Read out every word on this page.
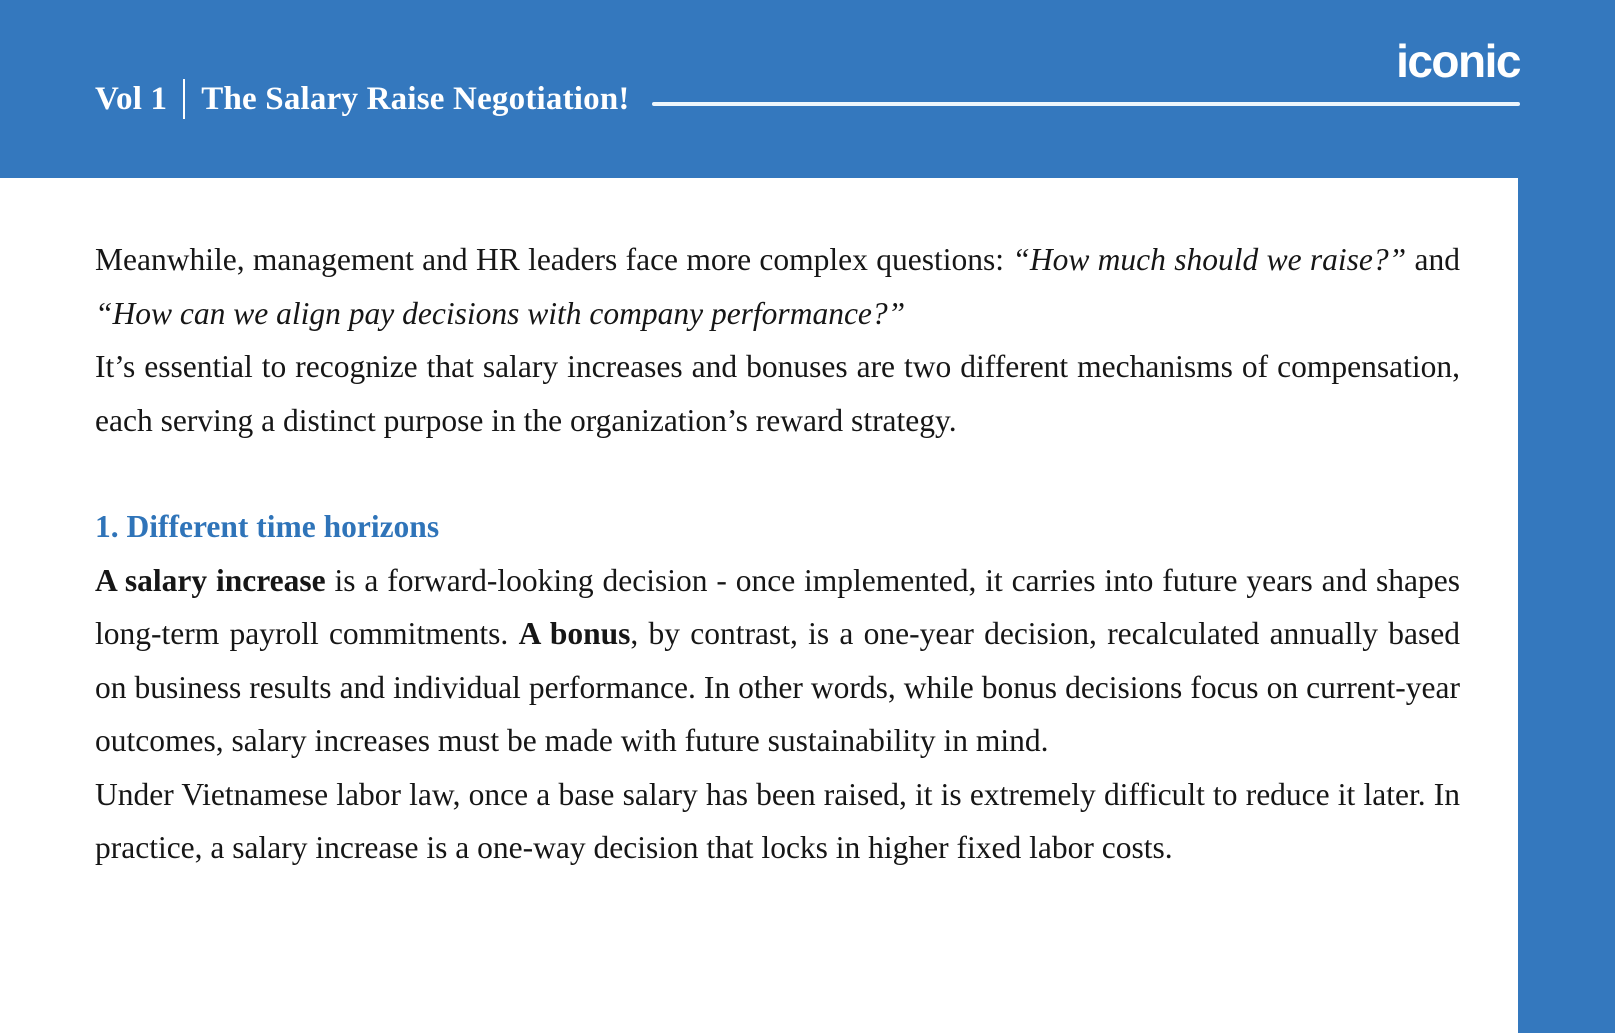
iconic
Vol 1 The Salary Raise Negotiation!

Meanwhile, management and HR leaders face more complex questions: “How much should we raise?” and “How can we align pay decisions with company performance?”

It’s essential to recognize that salary increases and bonuses are two different mechanisms of compensation, each serving a distinct purpose in the organization’s reward strategy.

1. Different time horizons

A salary increase is a forward-looking decision - once implemented, it carries into future years and shapes long-term payroll commitments. A bonus, by contrast, is a one-year decision, recalculated annually based on business results and individual performance. In other words, while bonus decisions focus on current-year outcomes, salary increases must be made with future sustainability in mind.

Under Vietnamese labor law, once a base salary has been raised, it is extremely difficult to reduce it later. In practice, a salary increase is a one-way decision that locks in higher fixed labor costs.
